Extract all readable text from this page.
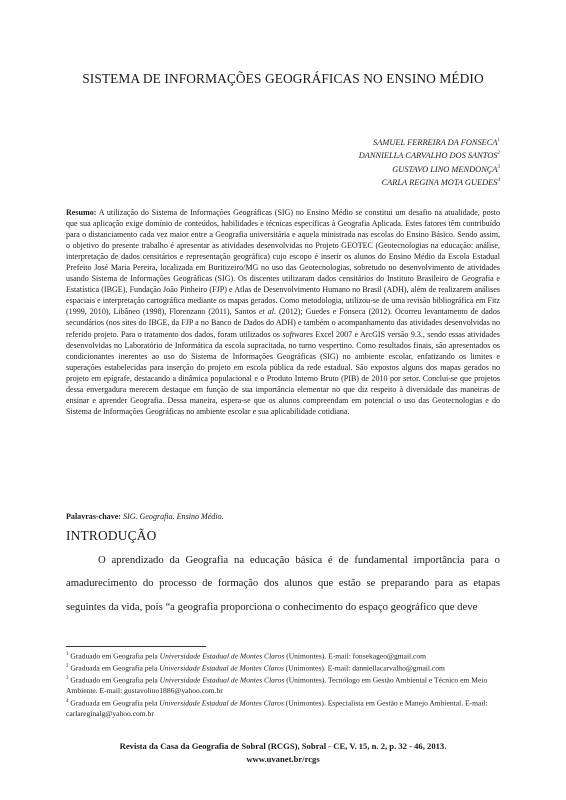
SISTEMA DE INFORMAÇÕES GEOGRÁFICAS NO ENSINO MÉDIO
SAMUEL FERREIRA DA FONSECA$^1$
DANNIELLA CARVALHO DOS SANTOS$^2$
GUSTAVO LINO MENDONÇA$^3$
CARLA REGINA MOTA GUEDES$^4$
Resumo: A utilização do Sistema de Informações Geográficas (SIG) no Ensino Médio se constitui um desafio na atualidade, posto que sua aplicação exige domínio de conteúdos, habilidades e técnicas específicas à Geografia Aplicada. Estes fatores têm contribuído para o distanciamento cada vez maior entre a Geografia universitária e aquela ministrada nas escolas do Ensino Básico. Sendo assim, o objetivo do presente trabalho é apresentar as atividades desenvolvidas no Projeto GEOTEC (Geotecnologias na educação: análise, interpretação de dados censitários e representação geográfica) cujo escopo é inserir os alunos do Ensino Médio da Escola Estadual Prefeito José Maria Pereira, localizada em Buritizeiro/MG no uso das Geotecnologias, sobretudo no desenvolvimento de atividades usando Sistema de Informações Geográficas (SIG). Os discentes utilizaram dados censitários do Instituto Brasileiro de Geografia e Estatística (IBGE), Fundação João Pinheiro (FJP) e Atlas de Desenvolvimento Humano no Brasil (ADH), além de realizarem análises espaciais e interpretação cartográfica mediante os mapas gerados. Como metodologia, utilizou-se de uma revisão bibliográfica em Fitz (1999, 2010), Libâneo (1998), Florenzano (2011), Santos et al. (2012); Guedes e Fonseca (2012). Ocorreu levantamento de dados secundários (nos sites do IBGE, da FJP a no Banco de Dados do ADH) e também o acompanhamento das atividades desenvolvidas no referido projeto. Para o tratamento dos dados, foram utilizados os softwares Excel 2007 e ArcGIS versão 9.3., sendo essas atividades desenvolvidas no Laboratório de Informática da escola supracitada, no turno vespertino. Como resultados finais, são apresentados os condicionantes inerentes ao uso do Sistema de Informações Geográficas (SIG) no ambiente escolar, enfatizando os limites e superações estabelecidas para inserção do projeto em escola pública da rede estadual. São expostos alguns dos mapas gerados no projeto em epígrafe, destacando a dinâmica populacional e o Produto Interno Bruto (PIB) de 2010 por setor. Conclui-se que projetos dessa envergadura merecem destaque em função de sua importância elementar no que diz respeito à diversidade das maneiras de ensinar e aprender Geografia. Dessa maneira, espera-se que os alunos compreendam em potencial o uso das Geotecnologias e do Sistema de Informações Geográficas no ambiente escolar e sua aplicabilidade cotidiana.
Palavras-chave: SIG. Geografia. Ensino Médio.
INTRODUÇÃO
O aprendizado da Geografia na educação básica é de fundamental importância para o amadurecimento do processo de formação dos alunos que estão se preparando para as etapas seguintes da vida, pois “a geografia proporciona o conhecimento do espaço geográfico que deve
$^1$ Graduado em Geografia pela Universidade Estadual de Montes Claros (Unimontes). E-mail: fonsekageo@gmail.com
$^2$ Graduada em Geografia pela Universidade Estadual de Montes Claros (Unimontes). E-mail: danniellacarvalho@gmail.com
$^3$ Graduado em Geografia pela Universidade Estadual de Montes Claros (Unimontes). Tecnólogo em Gestão Ambiental e Técnico em Meio Ambiente. E-mail: gustavolino1886@yahoo.com.br
$^4$ Graduada em Geografia pela Universidade Estadual de Montes Claros (Unimontes). Especialista em Gestão e Manejo Ambiental. E-mail: carlareginalg@yahoo.com.br
Revista da Casa da Geografia de Sobral (RCGS), Sobral - CE, V. 15, n. 2, p. 32 - 46, 2013.
www.uvanet.br/rcgs
